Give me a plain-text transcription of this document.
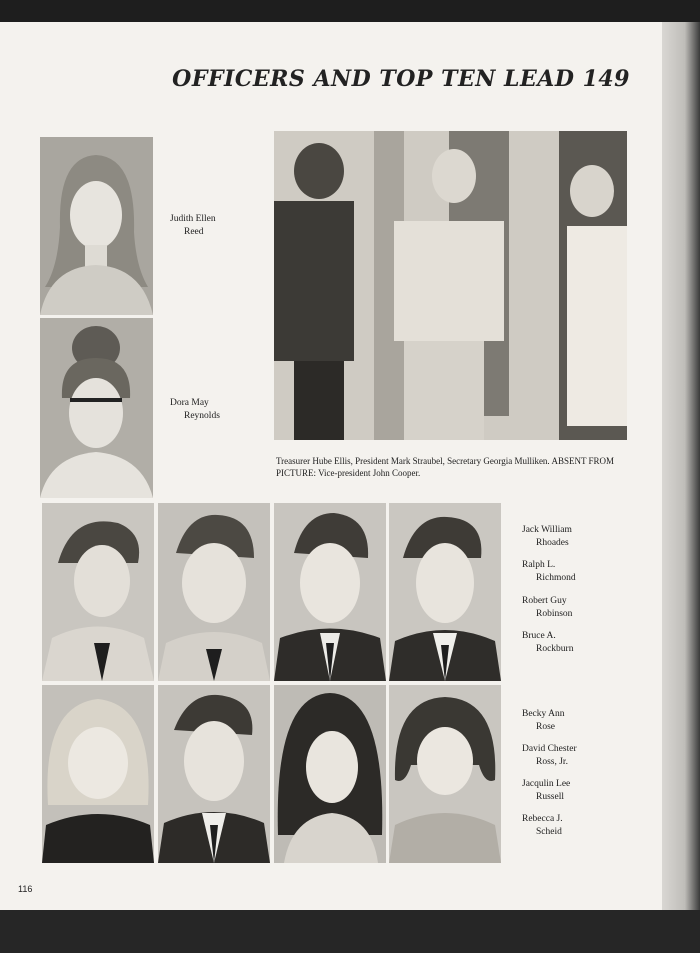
OFFICERS AND TOP TEN LEAD 149
Judith Ellen
Reed
Dora May
Reynolds
Treasurer Hube Ellis, President Mark Straubel, Secretary Georgia Mulliken. ABSENT FROM PICTURE: Vice-president John Cooper.
Jack William
Rhoades
Ralph L.
Richmond
Robert Guy
Robinson
Bruce A.
Rockburn
Becky Ann
Rose
David Chester
Ross, Jr.
Jacqulin Lee
Russell
Rebecca J.
Scheid
116
